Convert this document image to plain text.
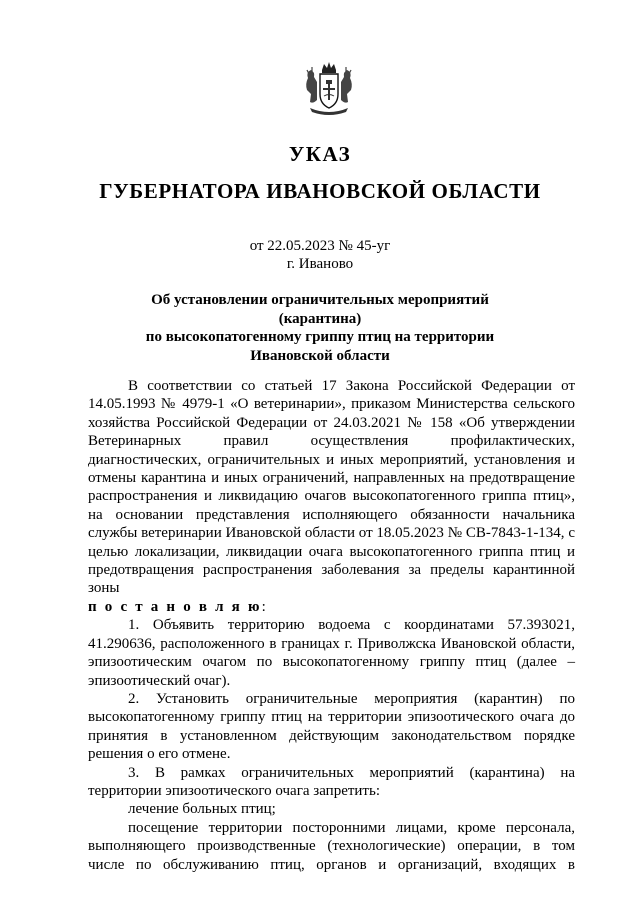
УКАЗ
ГУБЕРНАТОРА ИВАНОВСКОЙ ОБЛАСТИ
от 22.05.2023 № 45-уг
г. Иваново
Об установлении ограничительных мероприятий (карантина)
по высокопатогенному гриппу птиц на территории
Ивановской области

В соответствии со статьей 17 Закона Российской Федерации от 14.05.1993 № 4979-1 «О ветеринарии», приказом Министерства сельского хозяйства Российской Федерации от 24.03.2021 № 158 «Об утверждении Ветеринарных правил осуществления профилактических, диагностических, ограничительных и иных мероприятий, установления и отмены карантина и иных ограничений, направленных на предотвращение распространения и ликвидацию очагов высокопатогенного гриппа птиц», на основании представления исполняющего обязанности начальника службы ветеринарии Ивановской области от 18.05.2023 № СВ-7843-1-134, с целью локализации, ликвидации очага высокопатогенного гриппа птиц и предотвращения распространения заболевания за пределы карантинной зоны

п о с т а н о в л я ю:

1. Объявить территорию водоема с координатами 57.393021, 41.290636, расположенного в границах г. Приволжска Ивановской области, эпизоотическим очагом по высокопатогенному гриппу птиц (далее – эпизоотический очаг).

2. Установить ограничительные мероприятия (карантин) по высокопатогенному гриппу птиц на территории эпизоотического очага до принятия в установленном действующим законодательством порядке решения о его отмене.

3. В рамках ограничительных мероприятий (карантина) на территории эпизоотического очага запретить:

лечение больных птиц;

посещение территории посторонними лицами, кроме персонала, выполняющего производственные (технологические) операции, в том числе по обслуживанию птиц, органов и организаций, входящих в
